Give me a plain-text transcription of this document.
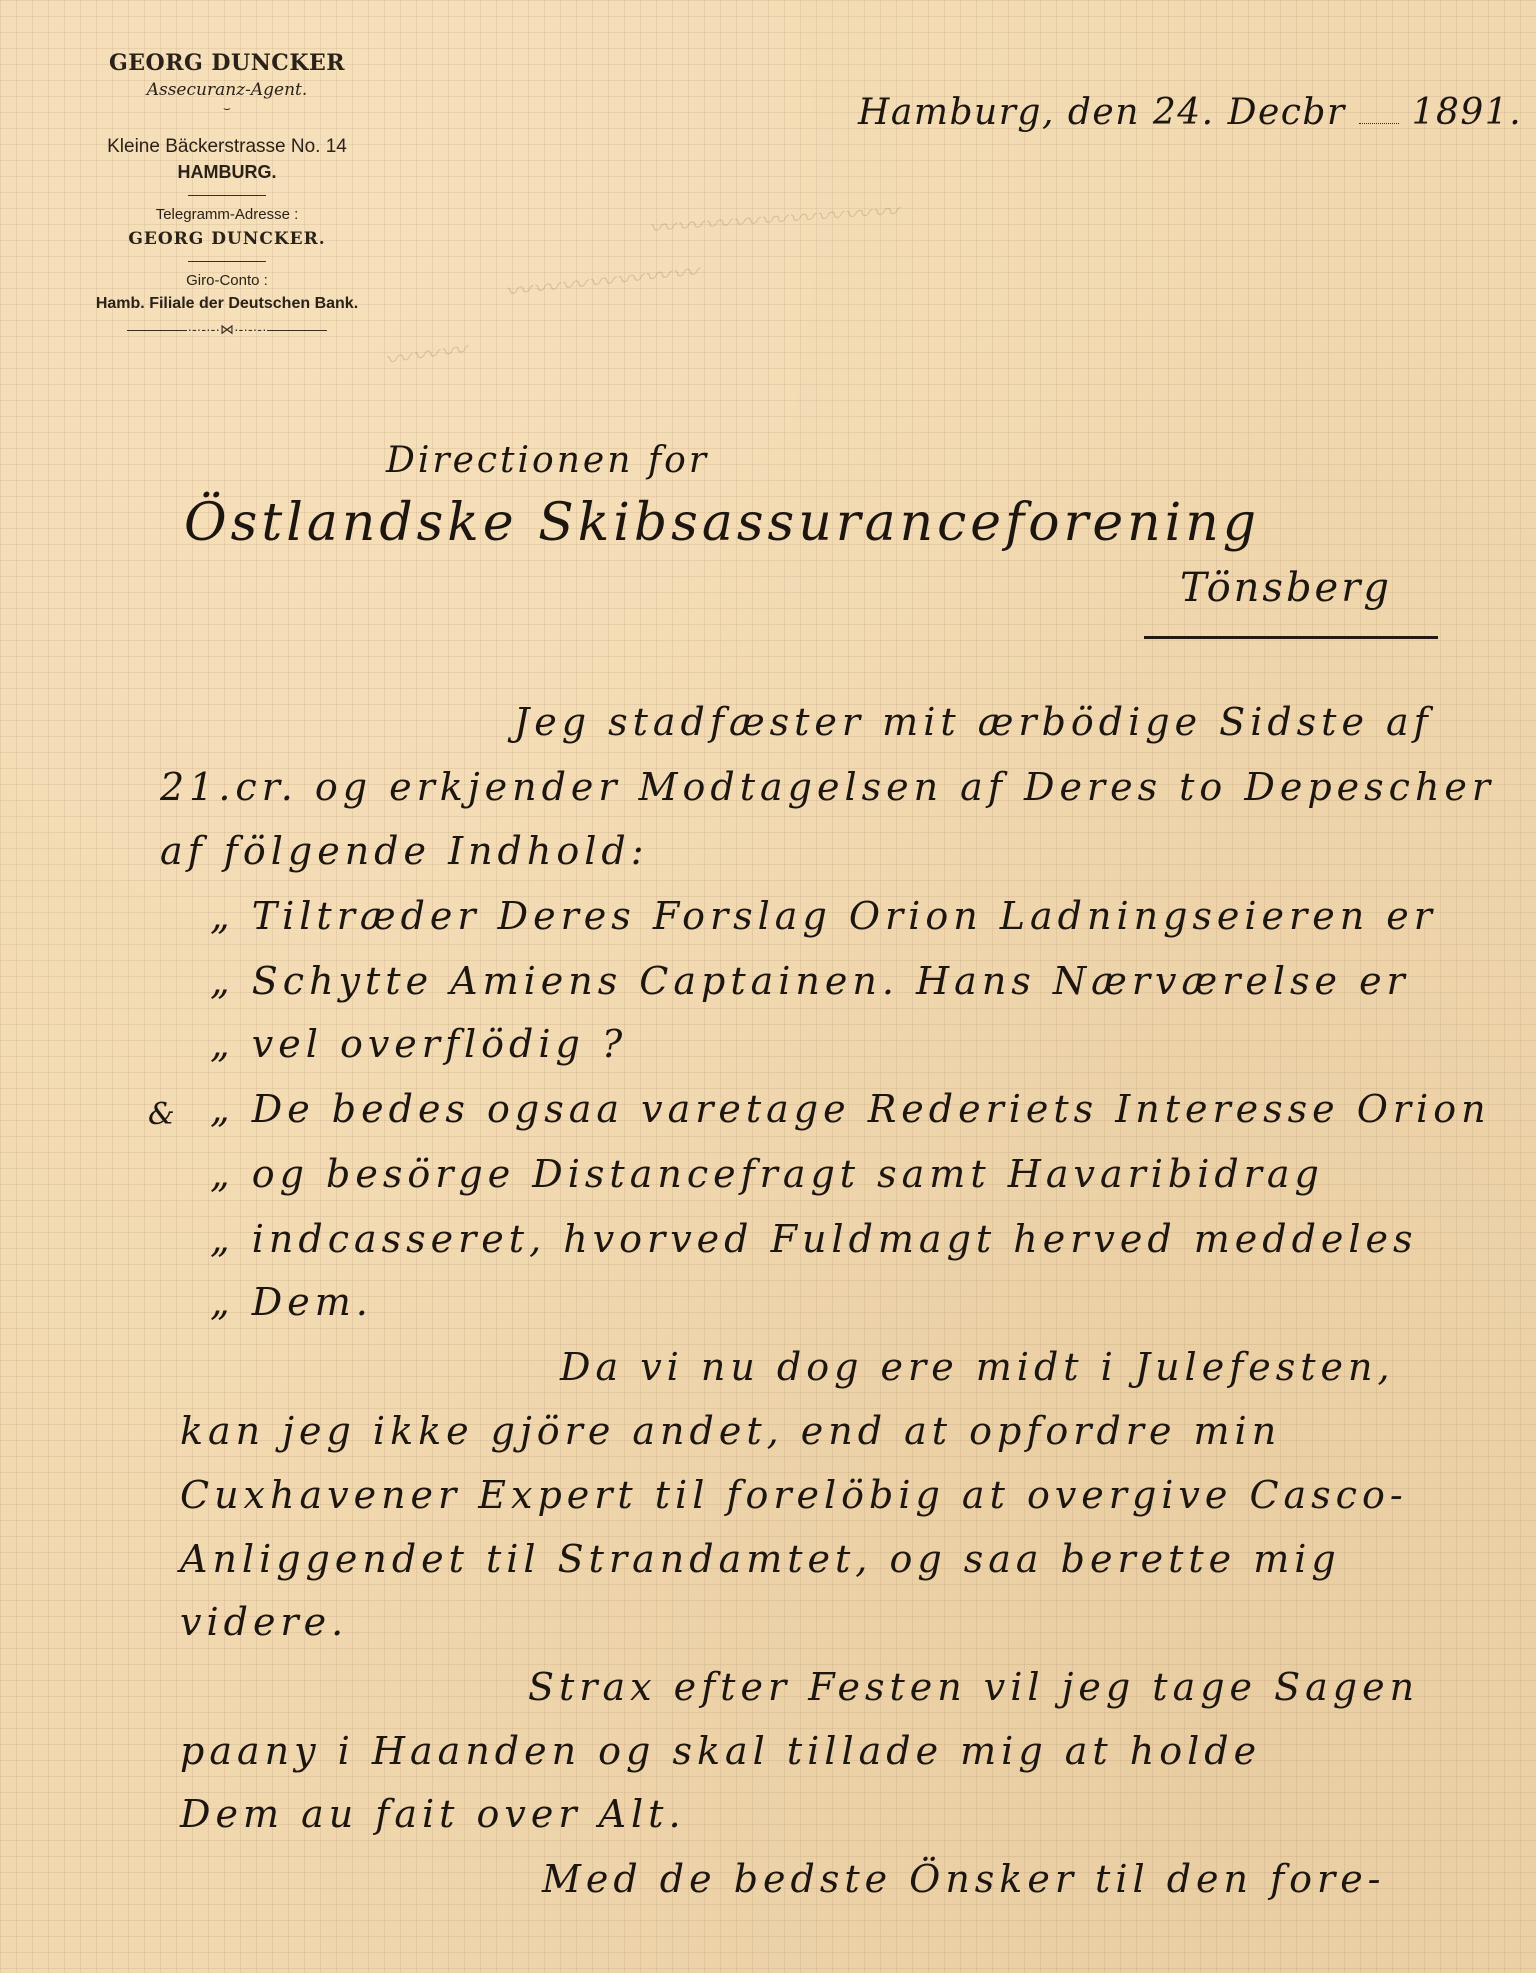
GEORG DUNCKER
Assecuranz-Agent.
⌣
Kleine Bäckerstrasse No. 14
HAMBURG.
Telegramm-Adresse :
GEORG DUNCKER.
Giro-Conto :
Hamb. Filiale der Deutschen Bank.
·-·-·-·⋈·-·-·-·
Hamburg, den 24. Decbr 1891.
〰〰〰〰〰〰〰〰〰
〰〰〰〰〰〰〰
〰〰〰
Directionen for
Östlandske Skibsassuranceforening
Tönsberg
&
Jeg stadfæster mit ærbödige Sidste af
21.cr. og erkjender Modtagelsen af Deres to Depescher
af fölgende Indhold:
„ Tiltræder Deres Forslag Orion Ladningseieren er
„ Schytte Amiens Captainen. Hans Nærværelse er
„ vel overflödig ?
„ De bedes ogsaa varetage Rederiets Interesse Orion
„ og besörge Distancefragt samt Havaribidrag
„ indcasseret, hvorved Fuldmagt herved meddeles
„ Dem.
Da vi nu dog ere midt i Julefesten,
kan jeg ikke gjöre andet, end at opfordre min
Cuxhavener Expert til forelöbig at overgive Casco-
Anliggendet til Strandamtet, og saa berette mig
videre.
Strax efter Festen vil jeg tage Sagen
paany i Haanden og skal tillade mig at holde
Dem au fait over Alt.
Med de bedste Önsker til den fore-
